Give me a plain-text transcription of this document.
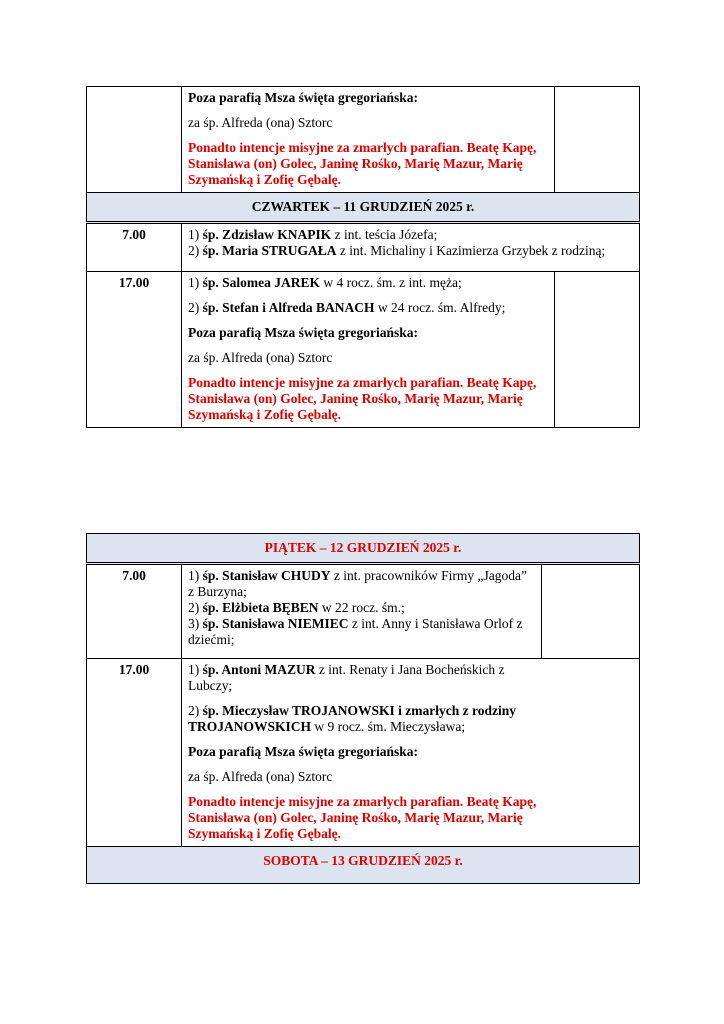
	Poza parafią Msza święta gregoriańska:
za śp. Alfreda (ona) Sztorc
Ponadto intencje misyjne za zmarłych parafian. Beatę Kapę, Stanisława (on) Golec, Janinę Rośko, Marię Mazur, Marię Szymańską i Zofię Gębalę.	

CZWARTEK – 11 GRUDZIEŃ 2025 r.		
7.00	1) śp. Zdzisław KNAPIK z int. teścia Józefa;
2) śp. Maria STRUGAŁA z int. Michaliny i Kazimierza Grzybek z rodziną;	

17.00	1) śp. Salomea JAREK w 4 rocz. śm. z int. męża;
2) śp. Stefan i Alfreda BANACH w 24 rocz. śm. Alfredy;
Poza parafią Msza święta gregoriańska:
za śp. Alfreda (ona) Sztorc
Ponadto intencje misyjne za zmarłych parafian. Beatę Kapę, Stanisława (on) Golec, Janinę Rośko, Marię Mazur, Marię Szymańską i Zofię Gębalę.	

PIĄTEK – 12 GRUDZIEŃ 2025 r.		
7.00	1) śp. Stanisław CHUDY z int. pracowników Firmy „Jagoda” z Burzyna;
2) śp. Elżbieta BĘBEN w 22 rocz. śm.;
3) śp. Stanisława NIEMIEC z int. Anny i Stanisława Orlof z dziećmi;	

17.00	1) śp. Antoni MAZUR z int. Renaty i Jana Bocheńskich z Lubczy;
2) śp. Mieczysław TROJANOWSKI i zmarłych z rodziny TROJANOWSKICH w 9 rocz. śm. Mieczysława;
Poza parafią Msza święta gregoriańska:
za śp. Alfreda (ona) Sztorc
Ponadto intencje misyjne za zmarłych parafian. Beatę Kapę, Stanisława (on) Golec, Janinę Rośko, Marię Mazur, Marię Szymańską i Zofię Gębalę.	

SOBOTA – 13 GRUDZIEŃ 2025 r.		
